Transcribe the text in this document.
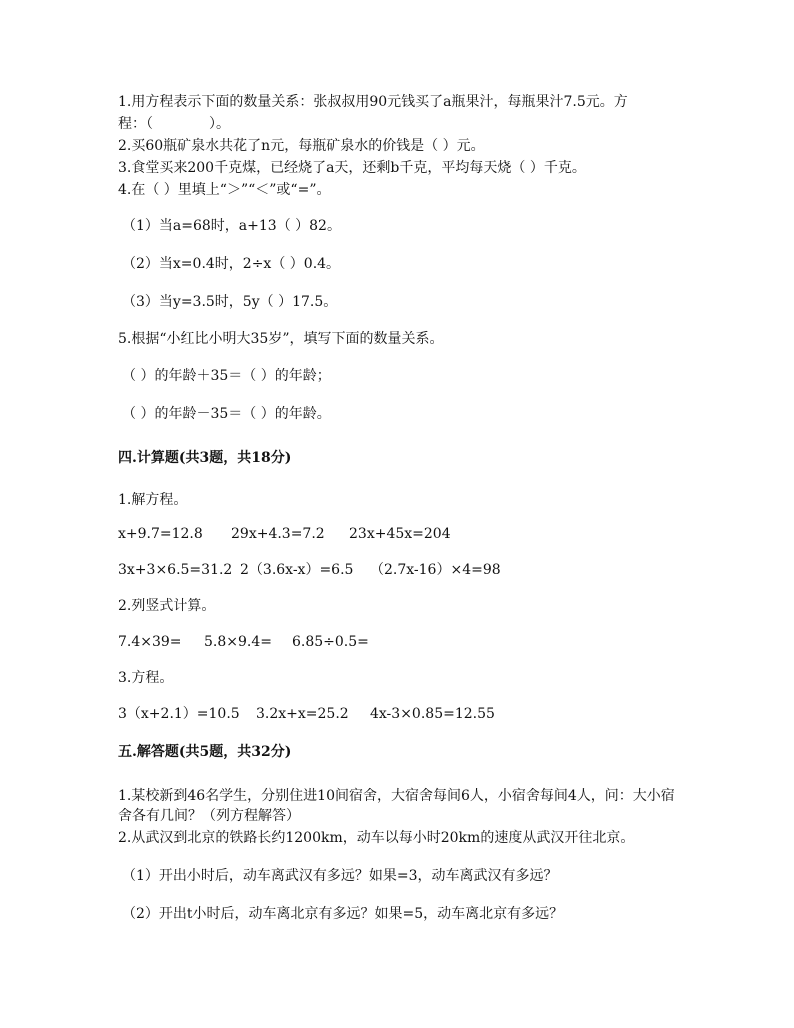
1.用方程表示下面的数量关系：张叔叔用90元钱买了a瓶果汁，每瓶果汁7.5元。方
程：（　　　　）。
2.买60瓶矿泉水共花了n元，每瓶矿泉水的价钱是（ ）元。
3.食堂买来200千克煤，已经烧了a天，还剩b千克，平均每天烧（ ）千克。
4.在（ ）里填上“＞”“＜”或“=”。
（1）当a=68时，a+13（ ）82。
（2）当x=0.4时，2÷x（ ）0.4。
（3）当y=3.5时，5y（ ）17.5。
5.根据“小红比小明大35岁”，填写下面的数量关系。
（ ）的年龄＋35＝（ ）的年龄；
（ ）的年龄－35＝（ ）的年龄。
四.计算题(共3题，共18分)
1.解方程。
x+9.7=12.8 29x+4.3=7.2 23x+45x=204
3x+3×6.5=31.2 2（3.6x-x）=6.5 （2.7x-16）×4=98
2.列竖式计算。
7.4×39= 5.8×9.4= 6.85÷0.5=
3.方程。
3（x+2.1）=10.5 3.2x+x=25.2 4x-3×0.85=12.55
五.解答题(共5题，共32分)
1.某校新到46名学生，分别住进10间宿舍，大宿舍每间6人，小宿舍每间4人，问：大小宿舍各有几间？（列方程解答）
2.从武汉到北京的铁路长约1200km，动车以每小时20km的速度从武汉开往北京。
（1）开出小时后，动车离武汉有多远？如果=3，动车离武汉有多远？
（2）开出t小时后，动车离北京有多远？如果=5，动车离北京有多远？
